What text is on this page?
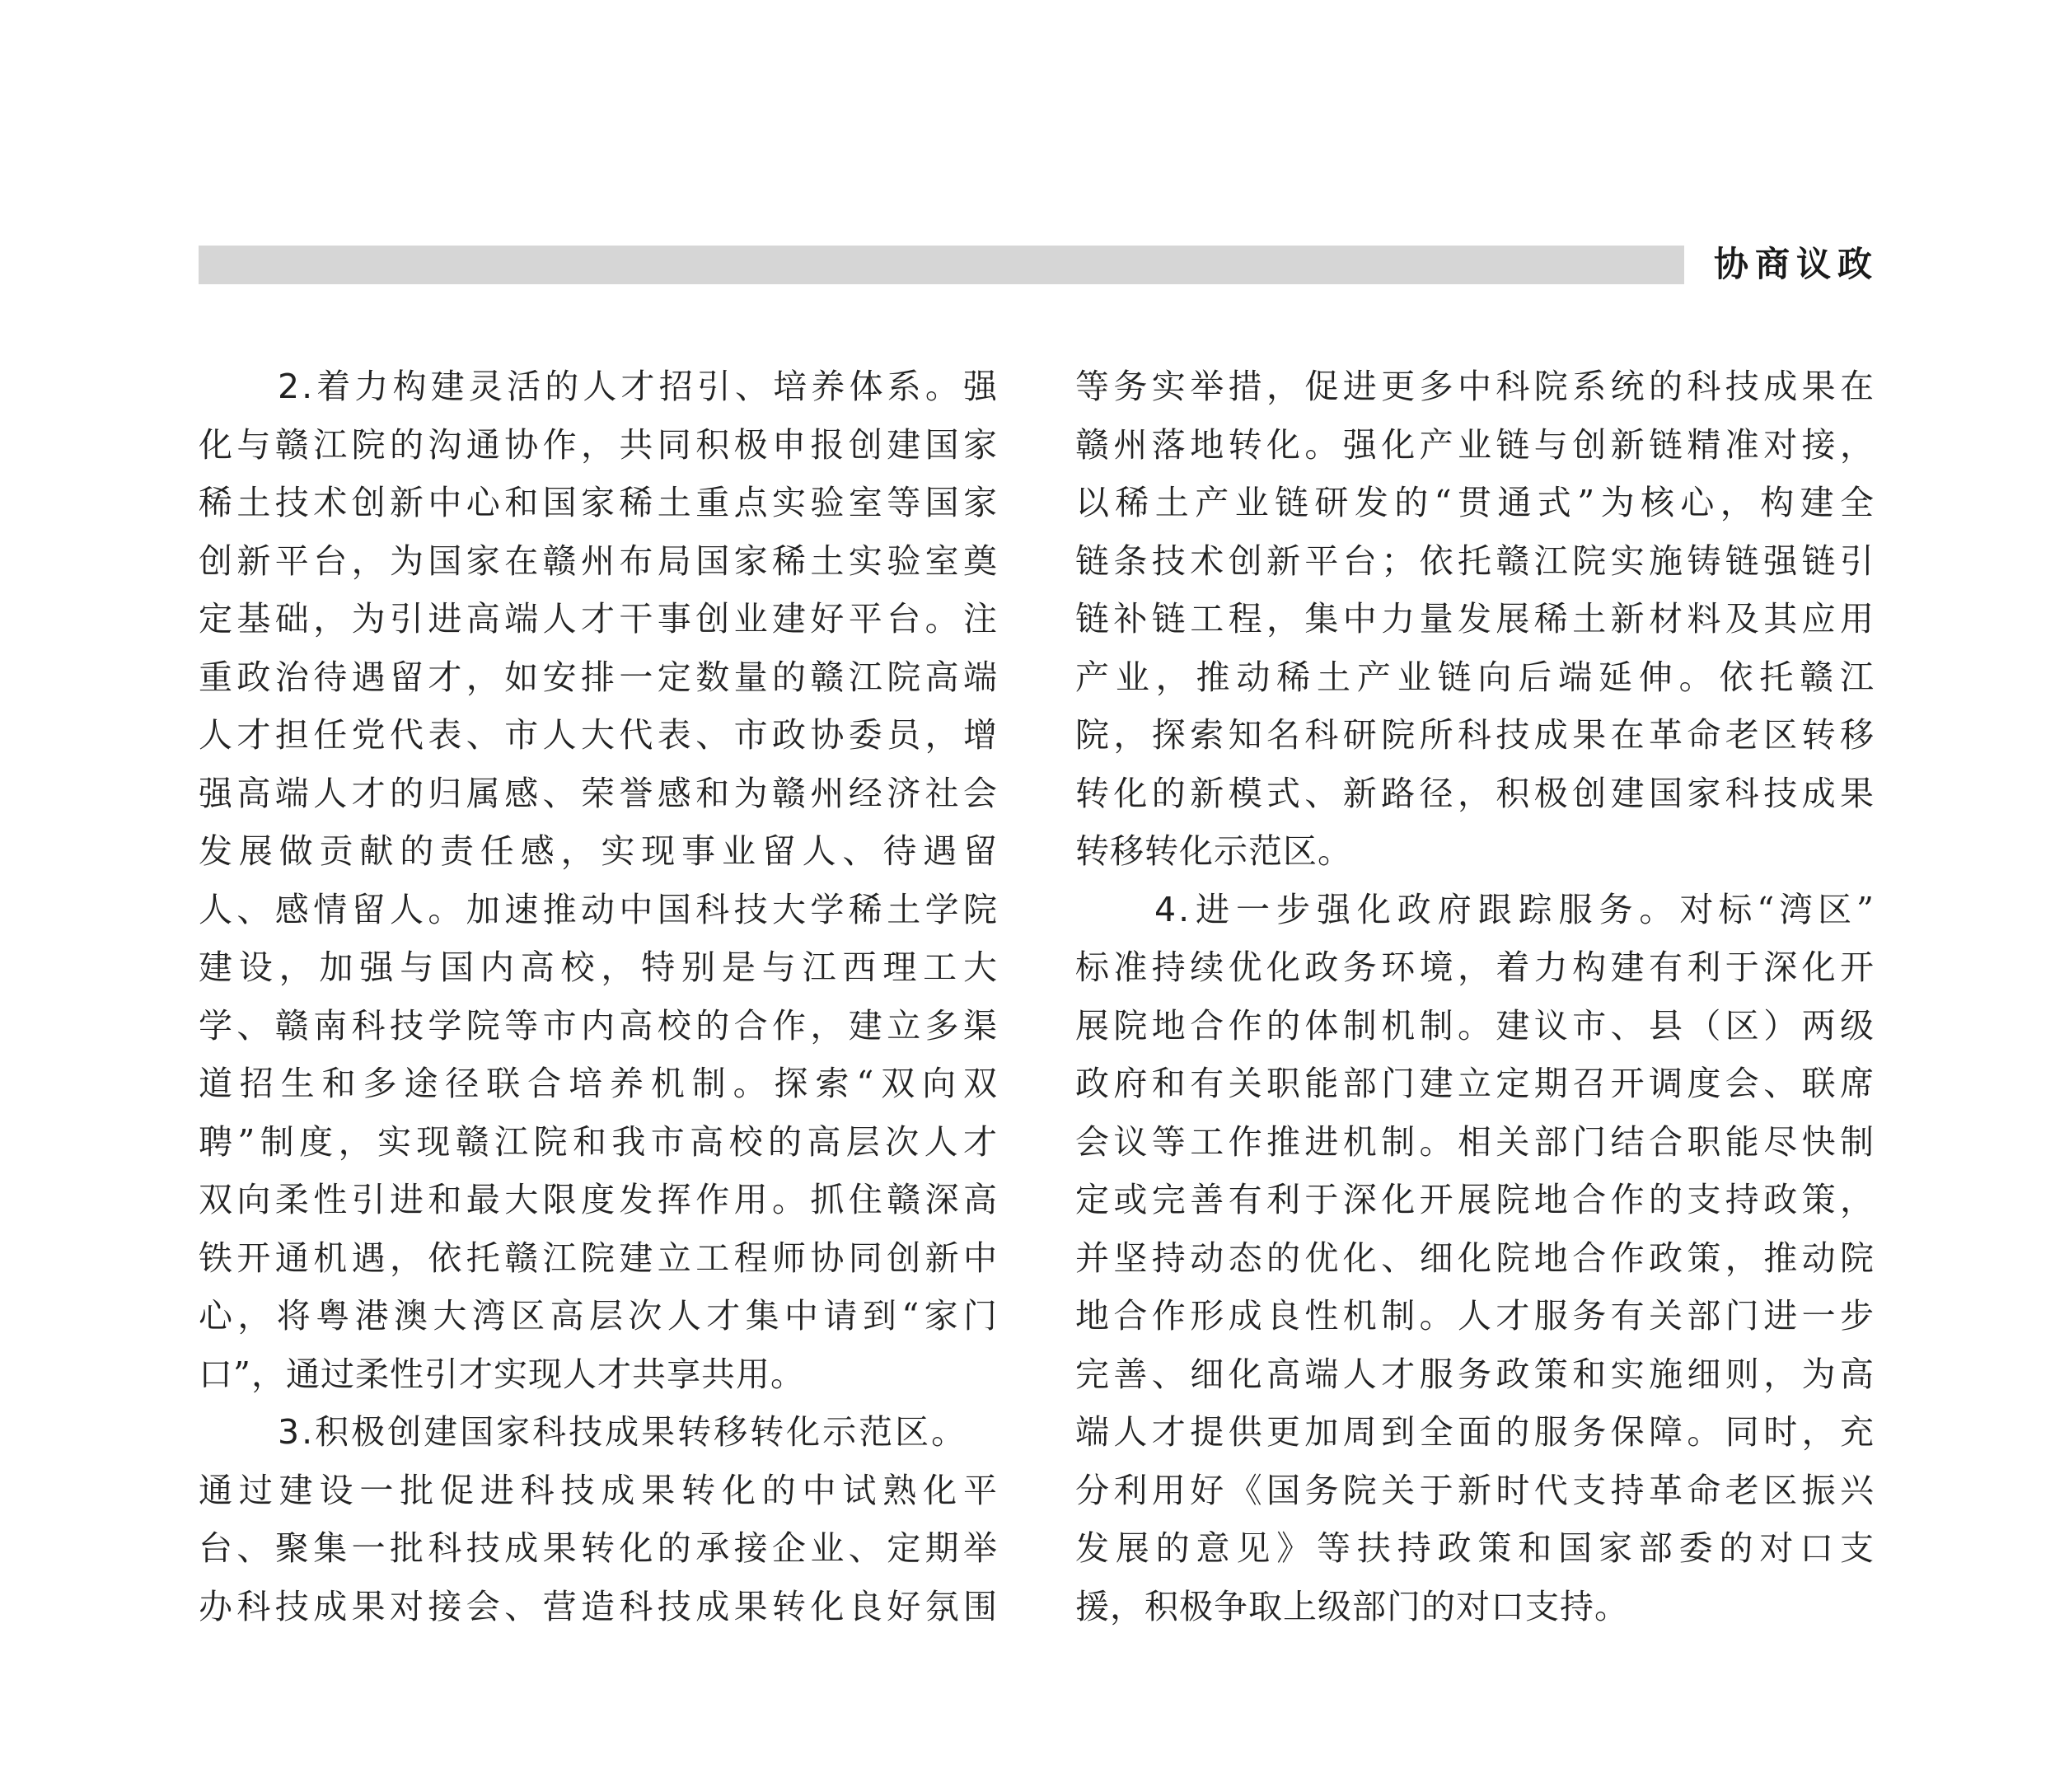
协商议政
2.着力构建灵活的人才招引、培养体系。强
化与赣江院的沟通协作，共同积极申报创建国家
稀土技术创新中心和国家稀土重点实验室等国家
创新平台，为国家在赣州布局国家稀土实验室奠
定基础，为引进高端人才干事创业建好平台。注
重政治待遇留才，如安排一定数量的赣江院高端
人才担任党代表、市人大代表、市政协委员，增
强高端人才的归属感、荣誉感和为赣州经济社会
发展做贡献的责任感，实现事业留人、待遇留
人、感情留人。加速推动中国科技大学稀土学院
建设，加强与国内高校，特别是与江西理工大
学、赣南科技学院等市内高校的合作，建立多渠
道招生和多途径联合培养机制。探索“双向双
聘”制度，实现赣江院和我市高校的高层次人才
双向柔性引进和最大限度发挥作用。抓住赣深高
铁开通机遇，依托赣江院建立工程师协同创新中
心，将粤港澳大湾区高层次人才集中请到“家门
口”，通过柔性引才实现人才共享共用。
3.积极创建国家科技成果转移转化示范区。
通过建设一批促进科技成果转化的中试熟化平
台、聚集一批科技成果转化的承接企业、定期举
办科技成果对接会、营造科技成果转化良好氛围
等务实举措，促进更多中科院系统的科技成果在
赣州落地转化。强化产业链与创新链精准对接，
以稀土产业链研发的“贯通式”为核心，构建全
链条技术创新平台；依托赣江院实施铸链强链引
链补链工程，集中力量发展稀土新材料及其应用
产业，推动稀土产业链向后端延伸。依托赣江
院，探索知名科研院所科技成果在革命老区转移
转化的新模式、新路径，积极创建国家科技成果
转移转化示范区。
4.进一步强化政府跟踪服务。对标“湾区”
标准持续优化政务环境，着力构建有利于深化开
展院地合作的体制机制。建议市、县（区）两级
政府和有关职能部门建立定期召开调度会、联席
会议等工作推进机制。相关部门结合职能尽快制
定或完善有利于深化开展院地合作的支持政策，
并坚持动态的优化、细化院地合作政策，推动院
地合作形成良性机制。人才服务有关部门进一步
完善、细化高端人才服务政策和实施细则，为高
端人才提供更加周到全面的服务保障。同时，充
分利用好《国务院关于新时代支持革命老区振兴
发展的意见》等扶持政策和国家部委的对口支
援，积极争取上级部门的对口支持。
